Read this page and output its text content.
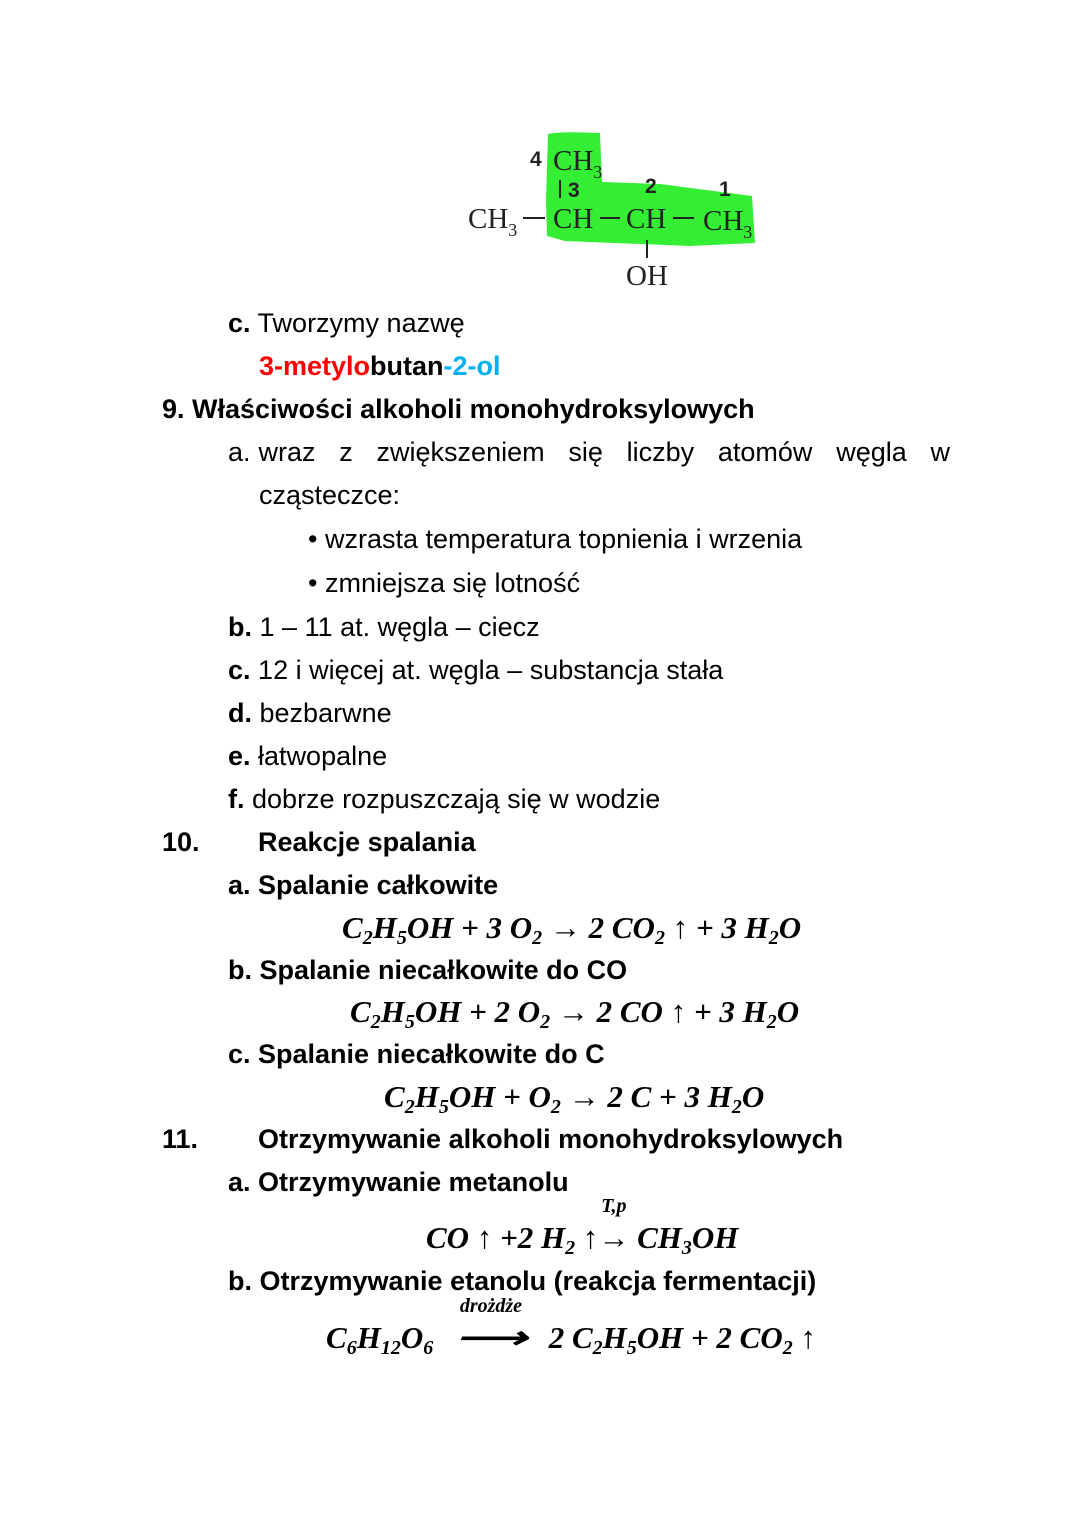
4 $CH_3$
3	2	1
$CH_3$ CH CH $CH_3$
OH
c. Tworzymy nazwę
3-metylobutan-2-ol
9. Właściwości alkoholi monohydroksylowych
a. wraz z zwiększeniem się liczby atomów węgla w
cząsteczce:
• wzrasta temperatura topnienia i wrzenia
• zmniejsza się lotność
b. 1 – 11 at. węgla – ciecz
c. 12 i więcej at. węgla – substancja stała
d. bezbarwne
e. łatwopalne
f. dobrze rozpuszczają się w wodzie
10. Reakcje spalania
a. Spalanie całkowite
$C_2H_5OH + 3$ $O_2 \to 2$ $CO_2$ ↑ + 3 $H_2O$
b. Spalanie niecałkowite do CO
$C_2H_5OH + 2$ $O_2 \to 2$ CO ↑ + 3 $H_2O$
c. Spalanie niecałkowite do C
$C_2H_5OH + O_2 \to 2$ C + 3 $H_2O$
11. Otrzymywanie alkoholi monohydroksylowych
a. Otrzymywanie metanolu
CO ↑ +2 $H_2$ ↑
T,p
→ $CH_3OH$
b. Otrzymywanie etanolu (reakcja fermentacji)
$C_6H_{12}O_6$
drożdże
⟶ 2 $C_2H_5OH + 2$ $CO_2$ ↑
